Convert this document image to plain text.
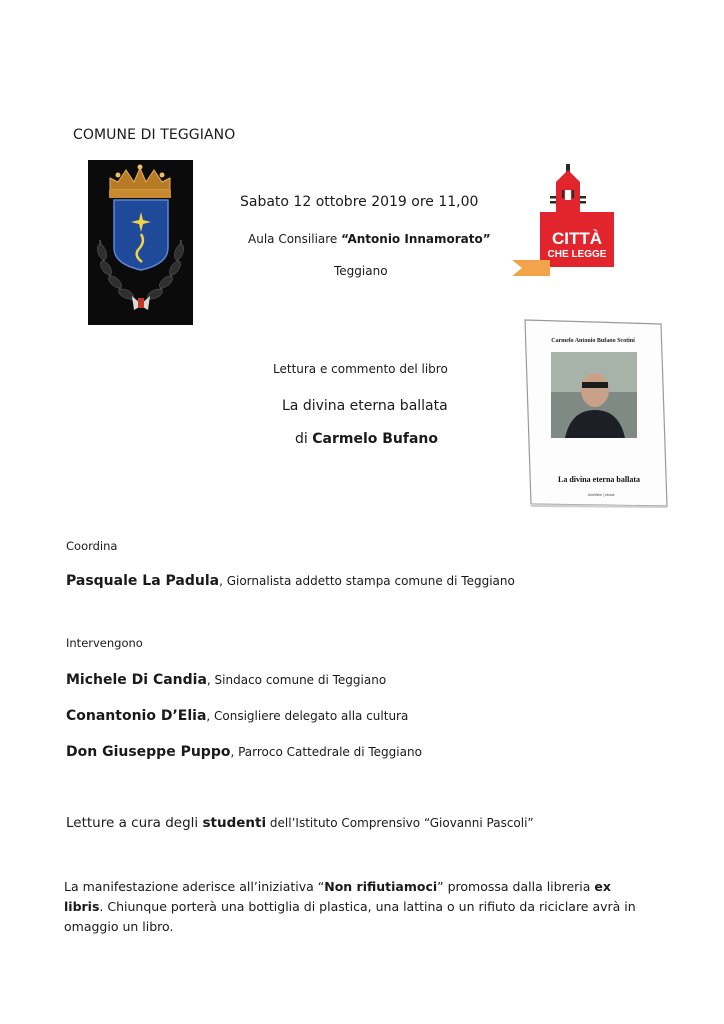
COMUNE DI TEGGIANO
Sabato 12 ottobre 2019 ore 11,00
Aula Consiliare “Antonio Innamorato”
Teggiano
CITTÀ
CHE LEGGE
Carmelo Antonio Bufano Scotini
La divina eterna ballata
AmirWee | ebook
Lettura e commento del libro
La divina eterna ballata
di Carmelo Bufano
Coordina
Pasquale La Padula, Giornalista addetto stampa comune di Teggiano
Intervengono
Michele Di Candia, Sindaco comune di Teggiano
Conantonio D’Elia, Consigliere delegato alla cultura
Don Giuseppe Puppo, Parroco Cattedrale di Teggiano
Letture a cura degli studenti dell’Istituto Comprensivo “Giovanni Pascoli”
La manifestazione aderisce all’iniziativa “Non rifiutiamoci” promossa dalla libreria ex libris. Chiunque porterà una bottiglia di plastica, una lattina o un rifiuto da riciclare avrà in omaggio un libro.
